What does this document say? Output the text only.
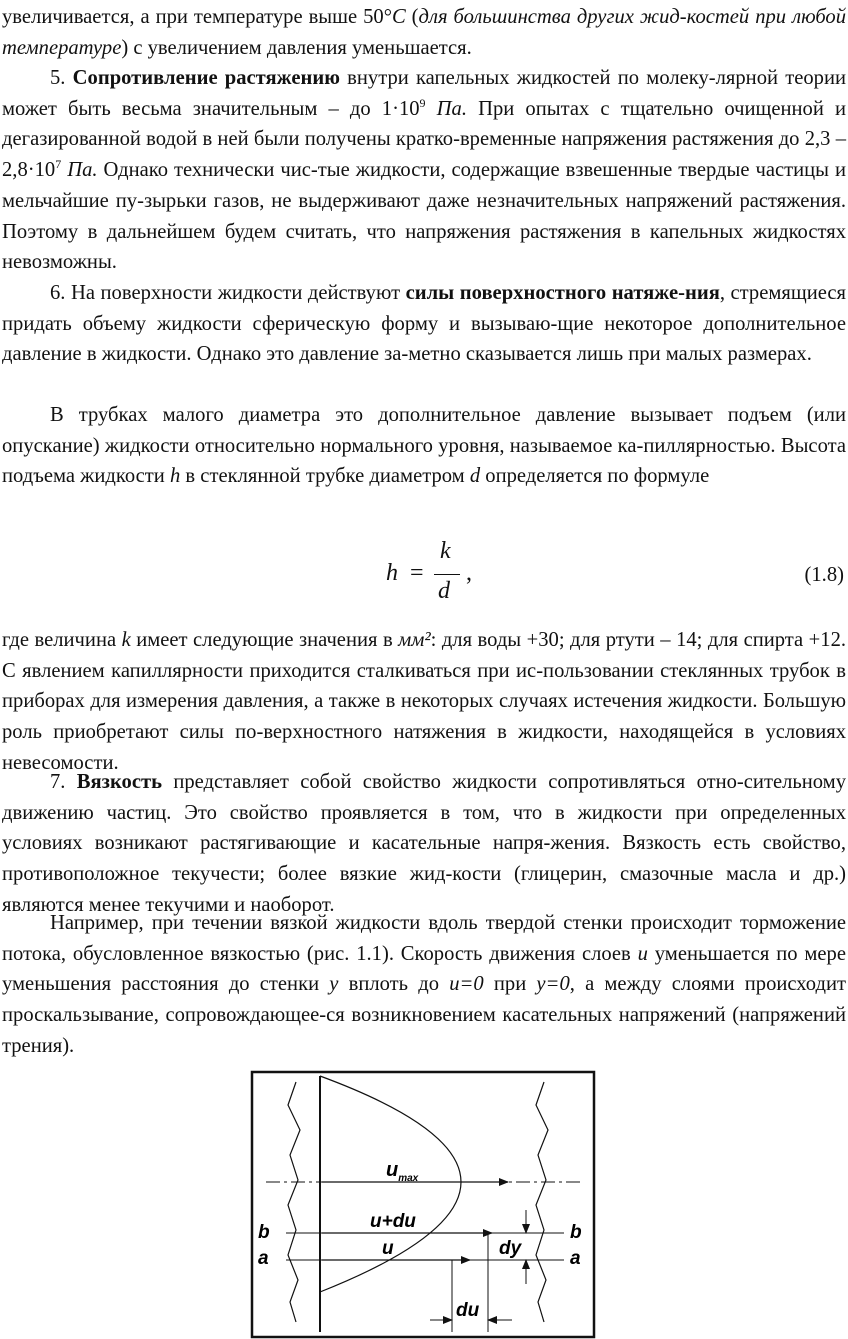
увеличивается, а при температуре выше 50°C (для большинства других жид-костей при любой температуре) с увеличением давления уменьшается.

5. Сопротивление растяжению внутри капельных жидкостей по молеку-лярной теории может быть весьма значительным – до $1\cdot 10^9$ Па. При опытах с тщательно очищенной и дегазированной водой в ней были получены кратко-временные напряжения растяжения до $2,3 - 2,8\cdot 10^7$ Па. Однако технически чис-тые жидкости, содержащие взвешенные твердые частицы и мельчайшие пу-зырьки газов, не выдерживают даже незначительных напряжений растяжения. Поэтому в дальнейшем будем считать, что напряжения растяжения в капельных жидкостях невозможны.

6. На поверхности жидкости действуют силы поверхностного натяже-ния, стремящиеся придать объему жидкости сферическую форму и вызываю-щие некоторое дополнительное давление в жидкости. Однако это давление за-метно сказывается лишь при малых размерах.

В трубках малого диаметра это дополнительное давление вызывает подъем (или опускание) жидкости относительно нормального уровня, называемое ка-пиллярностью. Высота подъема жидкости h в стеклянной трубке диаметром d определяется по формуле

h =
k
d
,	(1.8)

где величина k имеет следующие значения в мм²: для воды +30; для ртути – 14; для спирта +12. С явлением капиллярности приходится сталкиваться при ис-пользовании стеклянных трубок в приборах для измерения давления, а также в некоторых случаях истечения жидкости. Большую роль приобретают силы по-верхностного натяжения в жидкости, находящейся в условиях невесомости.

7. Вязкость представляет собой свойство жидкости сопротивляться отно-сительному движению частиц. Это свойство проявляется в том, что в жидкости при определенных условиях возникают растягивающие и касательные напря-жения. Вязкость есть свойство, противоположное текучести; более вязкие жид-кости (глицерин, смазочные масла и др.) являются менее текучими и наоборот.

Например, при течении вязкой жидкости вдоль твердой стенки происходит торможение потока, обусловленное вязкостью (рис. 1.1). Скорость движения слоев u уменьшается по мере уменьшения расстояния до стенки y вплоть до u=0 при y=0, а между слоями происходит проскальзывание, сопровождающее-ся возникновением касательных напряжений (напряжений трения).

$u_{max}$
u+du
u	dy
du
b
a
b
a
